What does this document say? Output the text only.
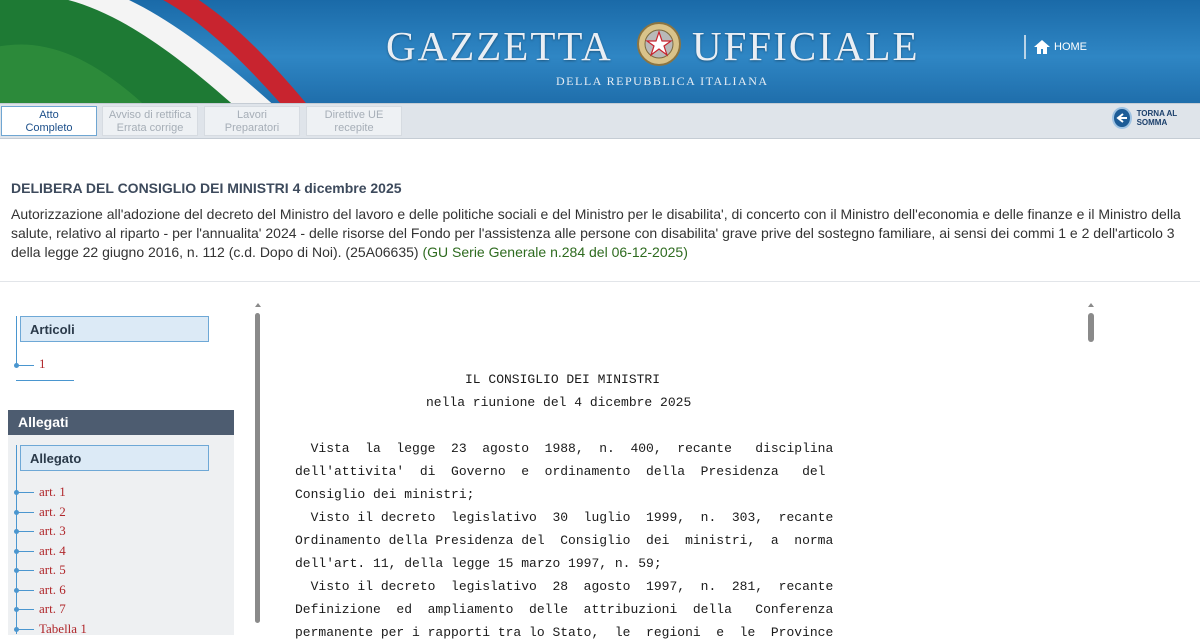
GAZZETTA UFFICIALE
DELLA REPUBBLICA ITALIANA
HOME
Atto
Completo
Avviso di rettifica
Errata corrige
Lavori
Preparatori
Direttive UE
recepite
TORNA AL SOMMA
DELIBERA DEL CONSIGLIO DEI MINISTRI 4 dicembre 2025
Autorizzazione all'adozione del decreto del Ministro del lavoro e delle politiche sociali e del Ministro per le disabilita', di concerto con il Ministro dell'economia e delle finanze e il Ministro della salute, relativo al riparto - per l'annualita' 2024 - delle risorse del Fondo per l'assistenza alle persone con disabilita' grave prive del sostegno familiare, ai sensi dei commi 1 e 2 dell'articolo 3 della legge 22 giugno 2016, n. 112 (c.d. Dopo di Noi). (25A06635) (GU Serie Generale n.284 del 06-12-2025)
Articoli
1
Allegati
Allegato
art. 1
art. 2
art. 3
art. 4
art. 5
art. 6
art. 7
Tabella 1
IL CONSIGLIO DEI MINISTRI
nella riunione del 4 dicembre 2025
Vista  la  legge  23  agosto  1988,  n.  400,  recante   disciplina
dell'attivita'  di  Governo  e  ordinamento  della  Presidenza   del
Consiglio dei ministri;
Visto il decreto  legislativo  30  luglio  1999,  n.  303,  recante
Ordinamento della Presidenza del  Consiglio  dei  ministri,  a  norma
dell'art. 11, della legge 15 marzo 1997, n. 59;
Visto il decreto  legislativo  28  agosto  1997,  n.  281,  recante
Definizione  ed  ampliamento  delle  attribuzioni  della   Conferenza
permanente per i rapporti tra lo Stato,  le  regioni  e  le  Province
